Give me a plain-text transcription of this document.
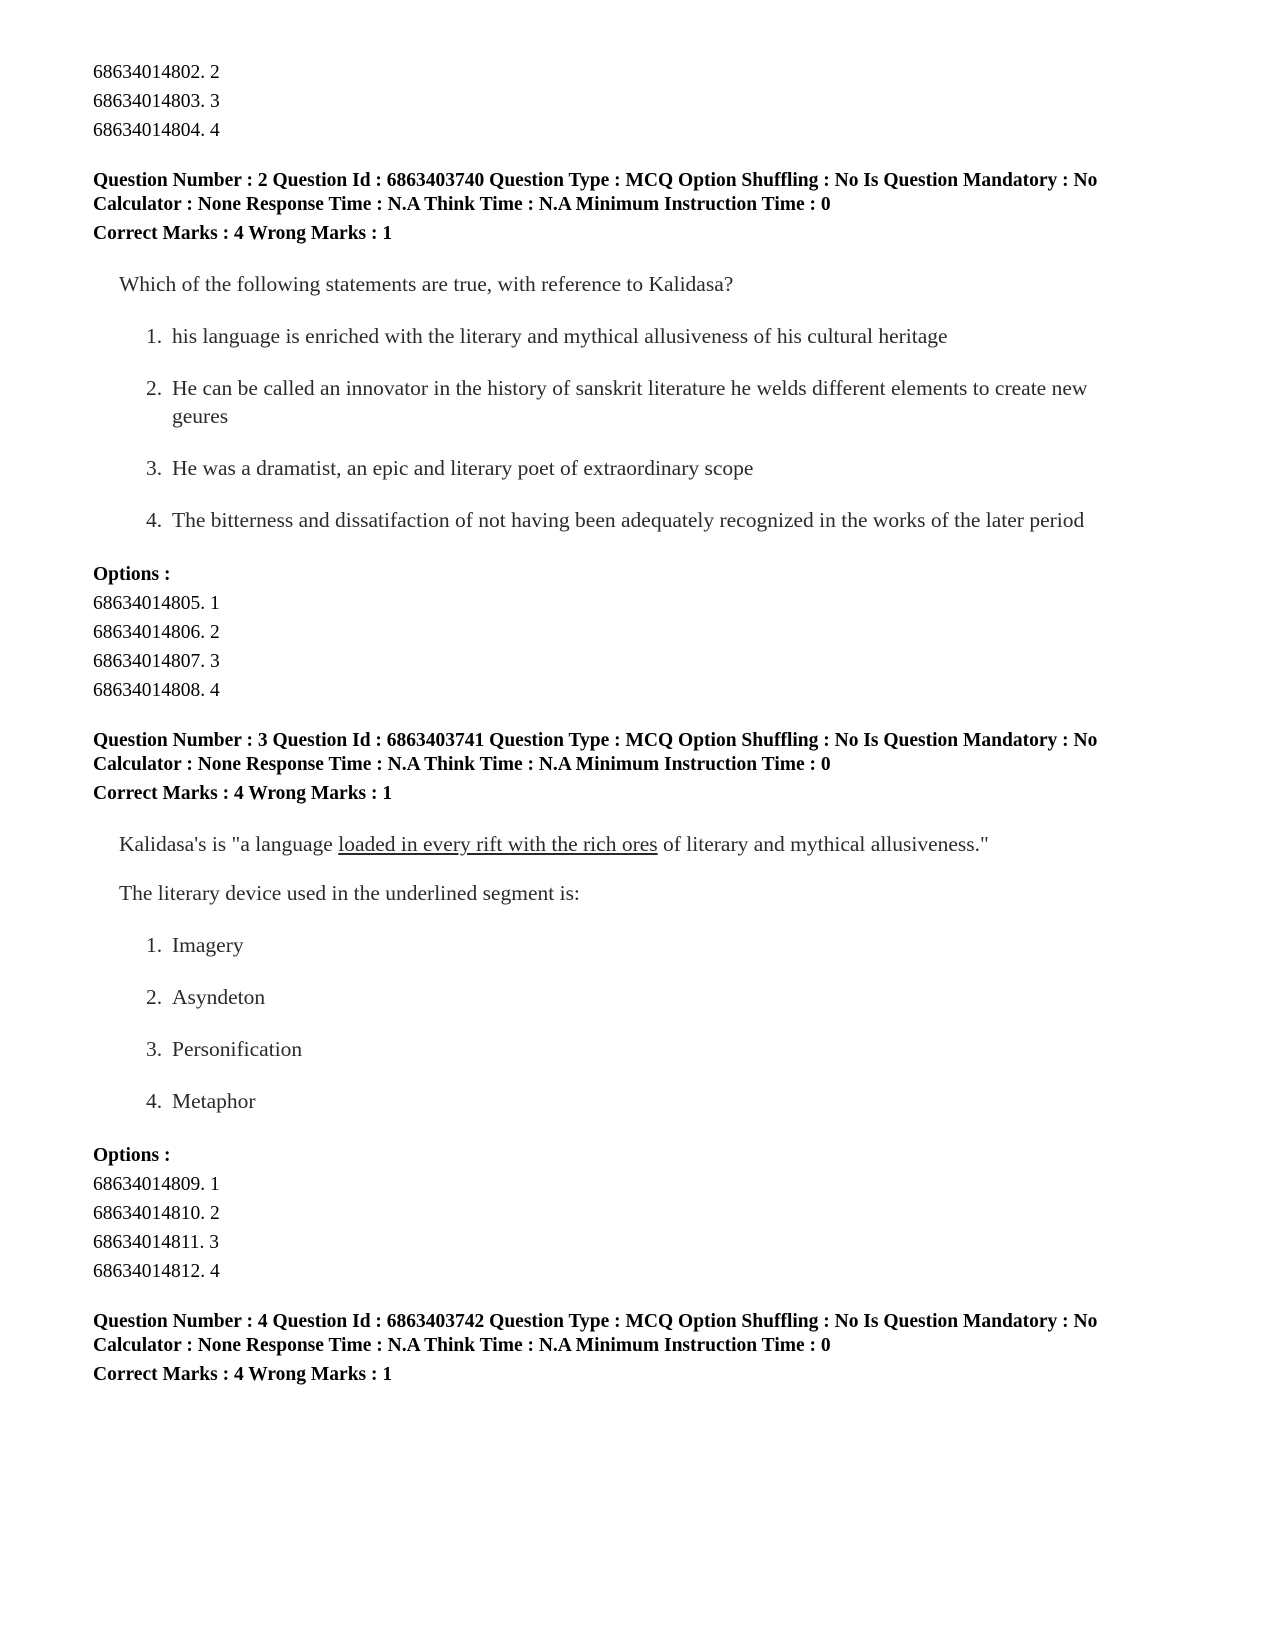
68634014802. 2

68634014803. 3

68634014804. 4

Question Number : 2 Question Id : 6863403740 Question Type : MCQ Option Shuffling : No Is Question Mandatory : No

Calculator : None Response Time : N.A Think Time : N.A Minimum Instruction Time : 0

Correct Marks : 4 Wrong Marks : 1

Which of the following statements are true, with reference to Kalidasa?

1. his language is enriched with the literary and mythical allusiveness of his cultural heritage
2. He can be called an innovator in the history of sanskrit literature he welds different elements to create new geures
3. He was a dramatist, an epic and literary poet of extraordinary scope
4. The bitterness and dissatifaction of not having been adequately recognized in the works of the later period

Options :

68634014805. 1

68634014806. 2

68634014807. 3

68634014808. 4

Question Number : 3 Question Id : 6863403741 Question Type : MCQ Option Shuffling : No Is Question Mandatory : No

Calculator : None Response Time : N.A Think Time : N.A Minimum Instruction Time : 0

Correct Marks : 4 Wrong Marks : 1

Kalidasa's is "a language loaded in every rift with the rich ores of literary and mythical allusiveness."

The literary device used in the underlined segment is:

1. Imagery
2. Asyndeton
3. Personification
4. Metaphor

Options :

68634014809. 1

68634014810. 2

68634014811. 3

68634014812. 4

Question Number : 4 Question Id : 6863403742 Question Type : MCQ Option Shuffling : No Is Question Mandatory : No

Calculator : None Response Time : N.A Think Time : N.A Minimum Instruction Time : 0

Correct Marks : 4 Wrong Marks : 1
